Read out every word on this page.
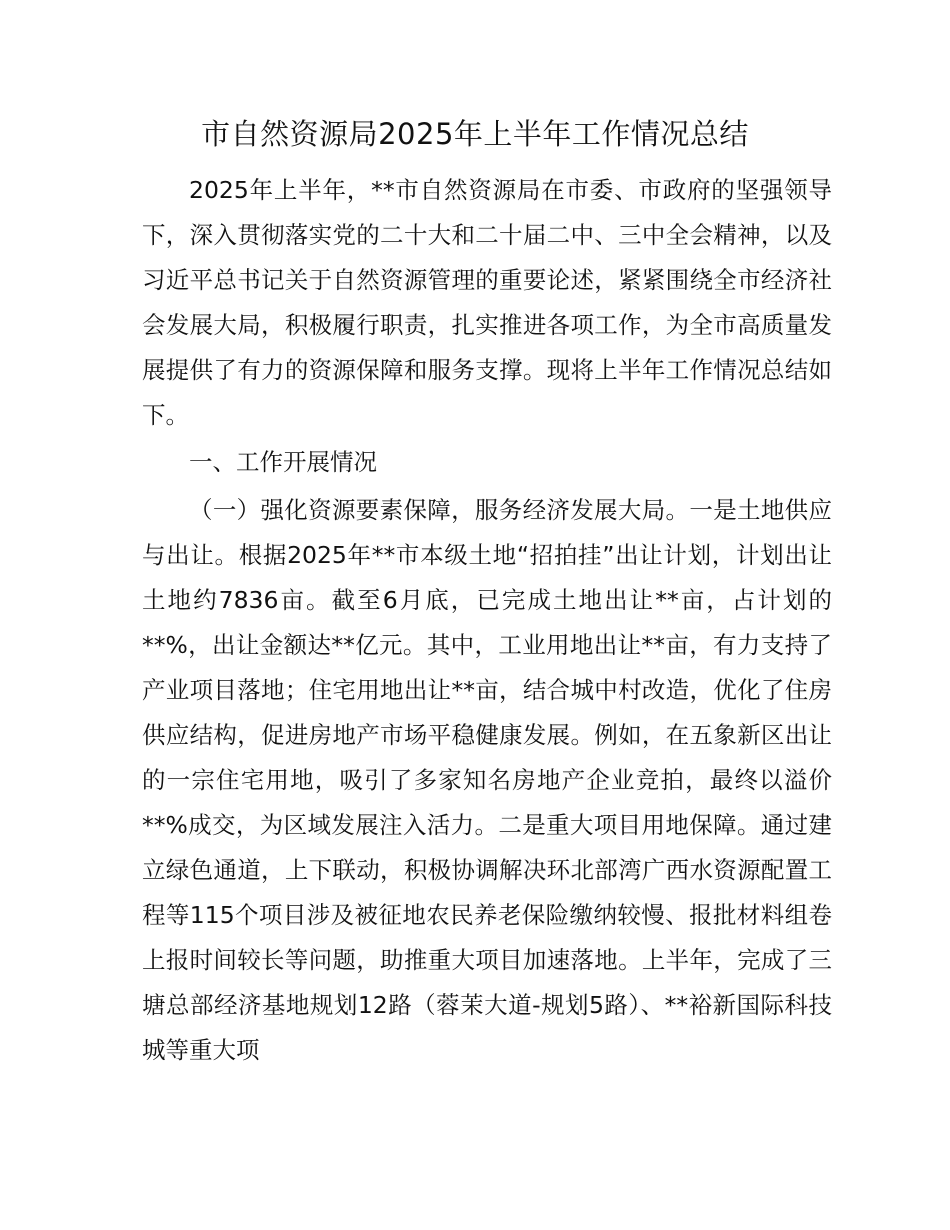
市自然资源局2025年上半年工作情况总结

2025年上半年，**市自然资源局在市委、市政府的坚强领导下，深入贯彻落实党的二十大和二十届二中、三中全会精神，以及习近平总书记关于自然资源管理的重要论述，紧紧围绕全市经济社会发展大局，积极履行职责，扎实推进各项工作，为全市高质量发展提供了有力的资源保障和服务支撑。现将上半年工作情况总结如下。

一、工作开展情况

（一）强化资源要素保障，服务经济发展大局。一是土地供应与出让。根据2025年**市本级土地“招拍挂”出让计划，计划出让土地约7836亩。截至6月底，已完成土地出让**亩，占计划的**%，出让金额达**亿元。其中，工业用地出让**亩，有力支持了产业项目落地；住宅用地出让**亩，结合城中村改造，优化了住房供应结构，促进房地产市场平稳健康发展。例如，在五象新区出让的一宗住宅用地，吸引了多家知名房地产企业竞拍，最终以溢价**%成交，为区域发展注入活力。二是重大项目用地保障。通过建立绿色通道，上下联动，积极协调解决环北部湾广西水资源配置工程等115个项目涉及被征地农民养老保险缴纳较慢、报批材料组卷上报时间较长等问题，助推重大项目加速落地。上半年，完成了三塘总部经济基地规划12路（蓉茉大道-规划5路）、**裕新国际科技城等重大项
